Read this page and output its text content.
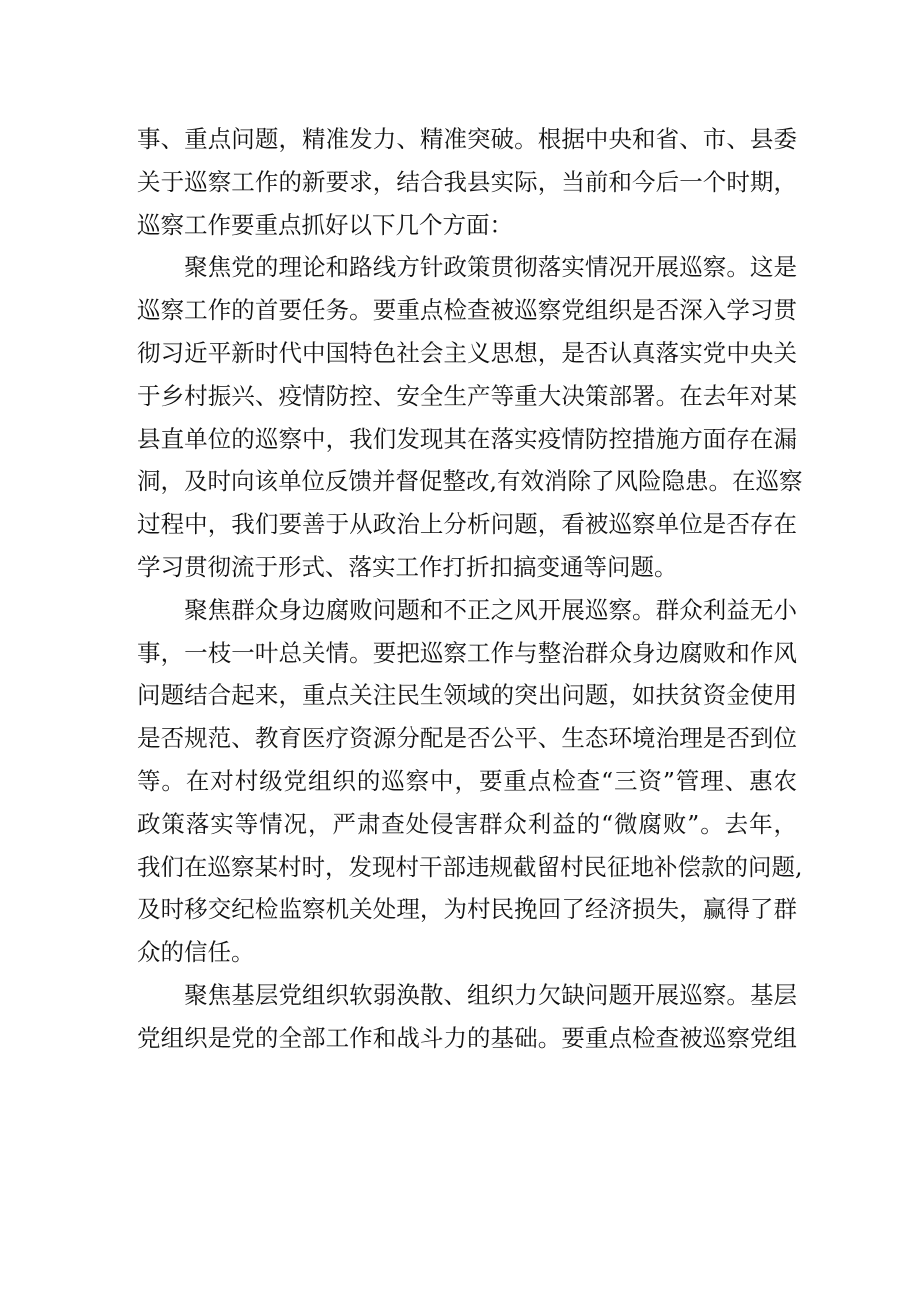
事、重点问题，精准发力、精准突破。根据中央和省、市、县委
关于巡察工作的新要求，结合我县实际，当前和今后一个时期，
巡察工作要重点抓好以下几个方面：
　　聚焦党的理论和路线方针政策贯彻落实情况开展巡察。这是
巡察工作的首要任务。要重点检查被巡察党组织是否深入学习贯
彻习近平新时代中国特色社会主义思想，是否认真落实党中央关
于乡村振兴、疫情防控、安全生产等重大决策部署。在去年对某
县直单位的巡察中，我们发现其在落实疫情防控措施方面存在漏
洞，及时向该单位反馈并督促整改,有效消除了风险隐患。在巡察
过程中，我们要善于从政治上分析问题，看被巡察单位是否存在
学习贯彻流于形式、落实工作打折扣搞变通等问题。
　　聚焦群众身边腐败问题和不正之风开展巡察。群众利益无小
事，一枝一叶总关情。要把巡察工作与整治群众身边腐败和作风
问题结合起来，重点关注民生领域的突出问题，如扶贫资金使用
是否规范、教育医疗资源分配是否公平、生态环境治理是否到位
等。在对村级党组织的巡察中，要重点检查“三资”管理、惠农
政策落实等情况，严肃查处侵害群众利益的“微腐败”。去年，
我们在巡察某村时，发现村干部违规截留村民征地补偿款的问题,
及时移交纪检监察机关处理，为村民挽回了经济损失，赢得了群
众的信任。
　　聚焦基层党组织软弱涣散、组织力欠缺问题开展巡察。基层
党组织是党的全部工作和战斗力的基础。要重点检查被巡察党组
